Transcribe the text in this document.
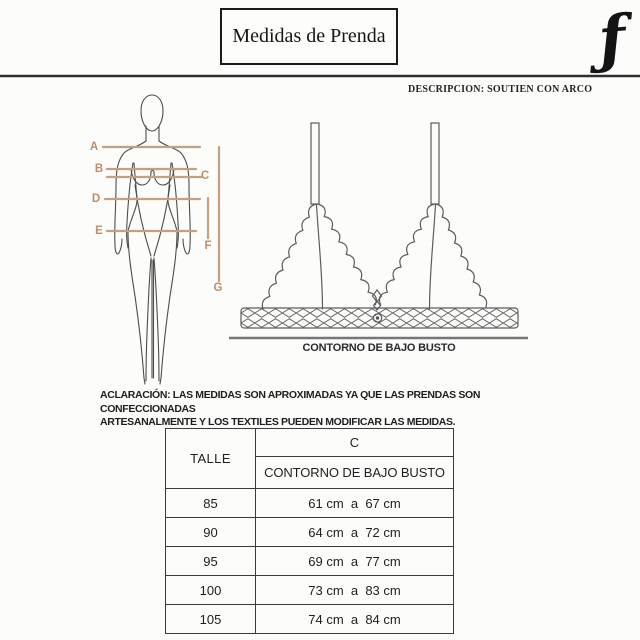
Medidas de Prenda	ƒ
DESCRIPCION: SOUTIEN CON ARCO
A
B
C
D
E
F
G
CONTORNO DE BAJO BUSTO
ACLARACIÓN: LAS MEDIDAS SON APROXIMADAS YA QUE LAS PRENDAS SON CONFECCIONADAS
ARTESANALMENTE Y LOS TEXTILES PUEDEN MODIFICAR LAS MEDIDAS.
TALLE	C
	CONTORNO DE BAJO BUSTO
85	61 cm  a  67 cm
90	64 cm  a  72 cm
95	69 cm  a  77 cm
100	73 cm  a  83 cm
105	74 cm  a  84 cm
